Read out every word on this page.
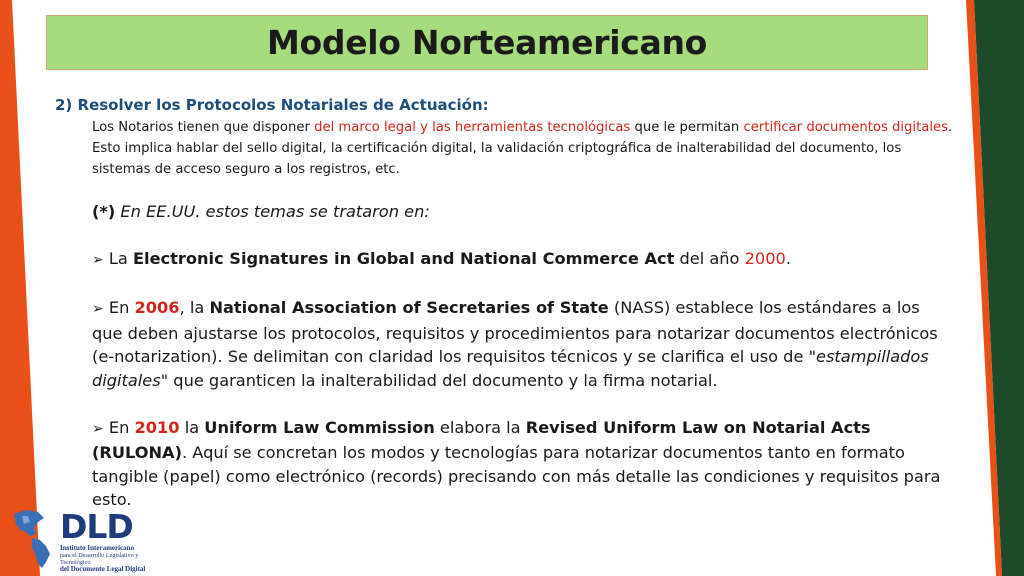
Modelo Norteamericano
2) Resolver los Protocolos Notariales de Actuación:
Los Notarios tienen que disponer del marco legal y las herramientas tecnológicas que le permitan certificar documentos digitales. Esto implica hablar del sello digital, la certificación digital, la validación criptográfica de inalterabilidad del documento, los sistemas de acceso seguro a los registros, etc.

(*) En EE.UU. estos temas se trataron en:

➢ La Electronic Signatures in Global and National Commerce Act del año 2000.

➢ En 2006, la National Association of Secretaries of State (NASS) establece los estándares a los que deben ajustarse los protocolos, requisitos y procedimientos para notarizar documentos electrónicos (e-notarization). Se delimitan con claridad los requisitos técnicos y se clarifica el uso de "estampillados digitales" que garanticen la inalterabilidad del documento y la firma notarial.

➢ En 2010 la Uniform Law Commission elabora la Revised Uniform Law on Notarial Acts (RULONA). Aquí se concretan los modos y tecnologías para notarizar documentos tanto en formato tangible (papel) como electrónico (records) precisando con más detalle las condiciones y requisitos para esto.

DLD
Instituto Interamericano
para el Desarrollo Legislativo y Tecnológico
del Documento Legal Digital
